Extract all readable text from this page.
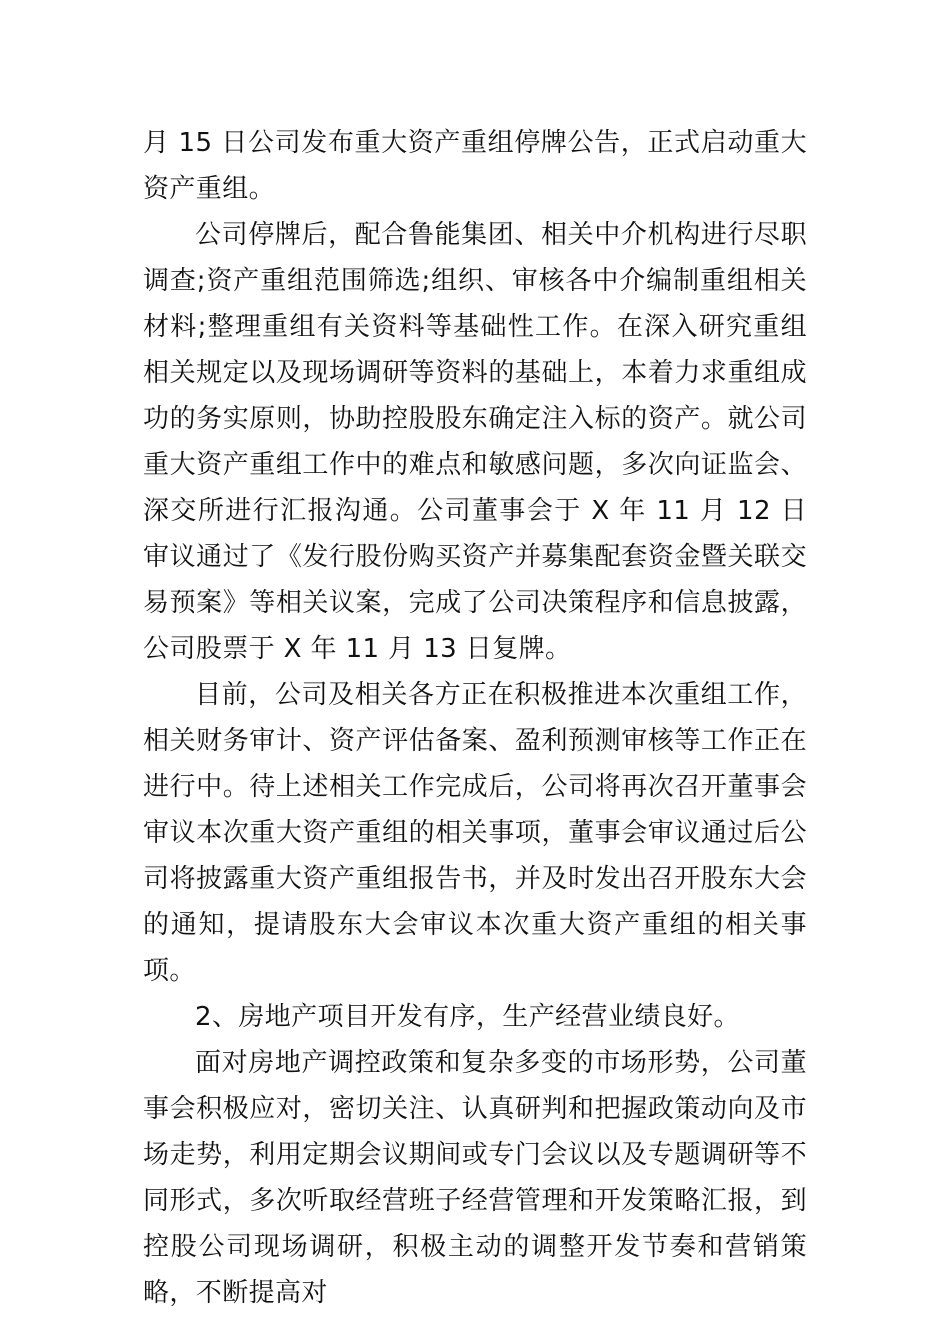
月 15 日公司发布重大资产重组停牌公告，正式启动重大资产重组。

公司停牌后，配合鲁能集团、相关中介机构进行尽职调查;资产重组范围筛选;组织、审核各中介编制重组相关材料;整理重组有关资料等基础性工作。在深入研究重组相关规定以及现场调研等资料的基础上，本着力求重组成功的务实原则，协助控股股东确定注入标的资产。就公司重大资产重组工作中的难点和敏感问题，多次向证监会、深交所进行汇报沟通。公司董事会于 X 年 11 月 12 日审议通过了《发行股份购买资产并募集配套资金暨关联交易预案》等相关议案，完成了公司决策程序和信息披露，公司股票于 X 年 11 月 13 日复牌。

目前，公司及相关各方正在积极推进本次重组工作，相关财务审计、资产评估备案、盈利预测审核等工作正在进行中。待上述相关工作完成后，公司将再次召开董事会审议本次重大资产重组的相关事项，董事会审议通过后公司将披露重大资产重组报告书，并及时发出召开股东大会的通知，提请股东大会审议本次重大资产重组的相关事项。

2、房地产项目开发有序，生产经营业绩良好。

面对房地产调控政策和复杂多变的市场形势，公司董事会积极应对，密切关注、认真研判和把握政策动向及市场走势，利用定期会议期间或专门会议以及专题调研等不同形式，多次听取经营班子经营管理和开发策略汇报，到控股公司现场调研，积极主动的调整开发节奏和营销策略，不断提高对
